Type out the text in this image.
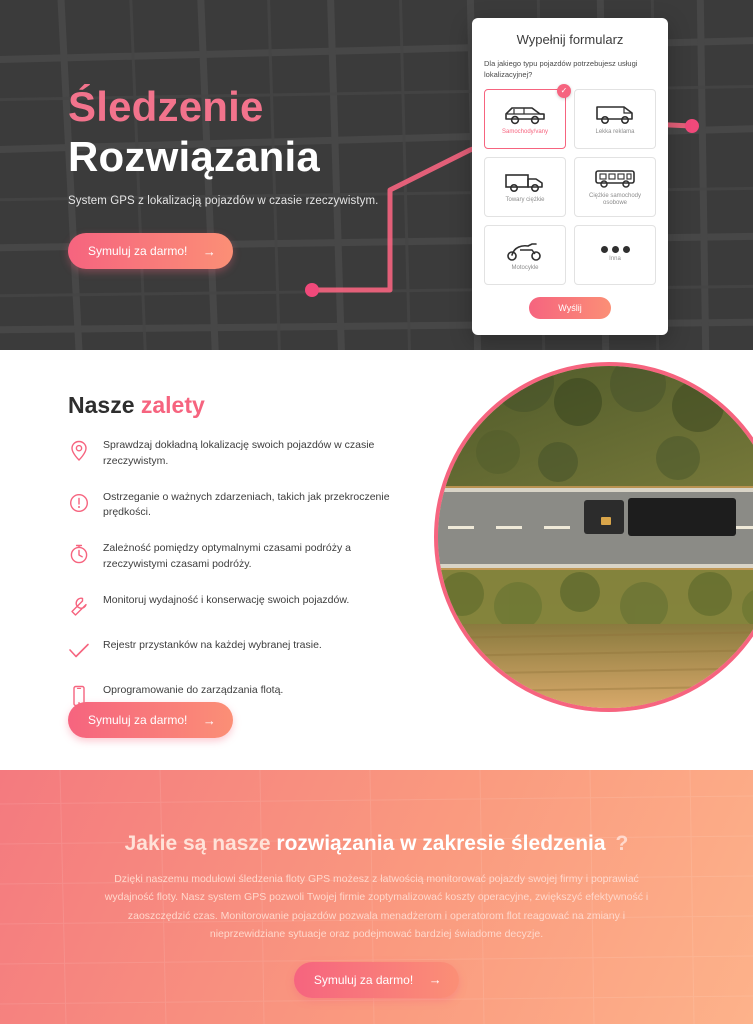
Śledzenie
Rozwiązania
System GPS z lokalizacją pojazdów w czasie rzeczywistym.
Symuluj za darmo! →
Wypełnij formularz
Dla jakiego typu pojazdów potrzebujesz usługi lokalizacyjnej?
✓
Samochody/vany	Lekka reklama
Towary ciężkie
Ciężkie samochody osobowe
Motocykle
Inna
Wyślij
Nasze zalety
Sprawdzaj dokładną lokalizację swoich pojazdów w czasie rzeczywistym.
Ostrzeganie o ważnych zdarzeniach, takich jak przekroczenie prędkości.
Zależność pomiędzy optymalnymi czasami podróży a rzeczywistymi czasami podróży.
Monitoruj wydajność i konserwację swoich pojazdów.
Rejestr przystanków na każdej wybranej trasie.
Oprogramowanie do zarządzania flotą.
Symuluj za darmo! →
Jakie są nasze rozwiązania w zakresie śledzenia ?

Dzięki naszemu modułowi śledzenia floty GPS możesz z łatwością monitorować pojazdy swojej firmy i poprawiać wydajność floty. Nasz system GPS pozwoli Twojej firmie zoptymalizować koszty operacyjne, zwiększyć efektywność i zaoszczędzić czas. Monitorowanie pojazdów pozwala menadżerom i operatorom flot reagować na zmiany i nieprzewidziane sytuacje oraz podejmować bardziej świadome decyzje.

Symuluj za darmo! →
